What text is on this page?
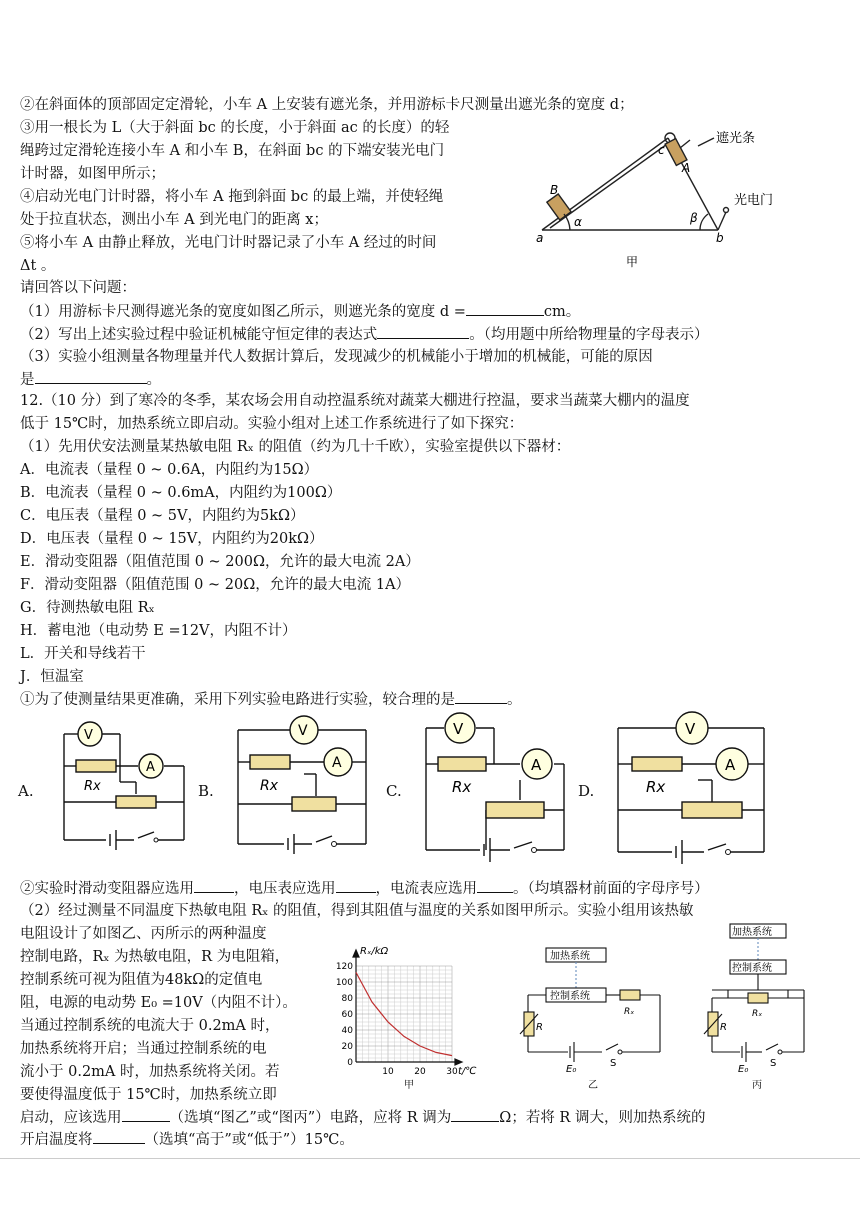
②在斜面体的顶部固定定滑轮，小车 A 上安装有遮光条，并用游标卡尺测量出遮光条的宽度 d；
③用一根长为 L（大于斜面 bc 的长度，小于斜面 ac 的长度）的轻
绳跨过定滑轮连接小车 A 和小车 B，在斜面 bc 的下端安装光电门
计时器，如图甲所示；
④启动光电门计时器，将小车 A 拖到斜面 bc 的最上端，并使轻绳
处于拉直状态，测出小车 A 到光电门的距离 x；
⑤将小车 A 由静止释放，光电门计时器记录了小车 A 经过的时间
Δt 。
请回答以下问题：
（1）用游标卡尺测得遮光条的宽度如图乙所示，则遮光条的宽度 d =	cm。
（2）写出上述实验过程中验证机械能守恒定律的表达式	。（均用题中所给物理量的字母表示）
（3）实验小组测量各物理量并代人数据计算后，发现减少的机械能小于增加的机械能，可能的原因
是	。
12.（10 分）到了寒冷的冬季，某农场会用自动控温系统对蔬菜大棚进行控温，要求当蔬菜大棚内的温度
低于 15℃时，加热系统立即启动。实验小组对上述工作系统进行了如下探究：
（1）先用伏安法测量某热敏电阻 Rₓ 的阻值（约为几十千欧），实验室提供以下器材：
A．电流表（量程 0 ~ 0.6A，内阻约为15Ω）
B．电流表（量程 0 ~ 0.6mA，内阻约为100Ω）
C．电压表（量程 0 ~ 5V，内阻约为5kΩ）
D．电压表（量程 0 ~ 15V，内阻约为20kΩ）
E．滑动变阻器（阻值范围 0 ~ 200Ω，允许的最大电流 2A）
F．滑动变阻器（阻值范围 0 ~ 20Ω，允许的最大电流 1A）
G．待测热敏电阻 Rₓ
H．蓄电池（电动势 E =12V，内阻不计）
L．开关和导线若干
J．恒温室
①为了使测量结果更准确，采用下列实验电路进行实验，较合理的是	。
②实验时滑动变阻器应选用	，电压表应选用	，电流表应选用 。（均填器材前面的字母序号）
（2）经过测量不同温度下热敏电阻 Rₓ 的阻值，得到其阻值与温度的关系如图甲所示。实验小组用该热敏
电阻设计了如图乙、丙所示的两种温度
控制电路，Rₓ 为热敏电阻，R 为电阻箱，
控制系统可视为阻值为48kΩ的定值电
阻，电源的电动势 E₀ =10V（内阻不计）。
当通过控制系统的电流大于 0.2mA 时，
加热系统将开启；当通过控制系统的电
流小于 0.2mA 时，加热系统将关闭。若
要使得温度低于 15℃时，加热系统立即
启动，应该选用	（选填“图乙”或“图丙”）电路，应将 R 调为	Ω；若将 R 调大，则加热系统的
开启温度将	（选填“高于”或“低于”）15℃。
遮光条
光电门
A
B
a	b
c
α	β
甲
A.
V
Rx
A
B.
V
Rx
A
C.
V
Rx
A
D.
V
Rx
A
120
100
80
60
40
20
0
10 20 30
Rₓ/kΩ
t/℃
甲
加热系统
控制系统
Rₓ
R
E₀
S
乙
加热系统
控制系统
Rₓ
R
E₀
S
丙
